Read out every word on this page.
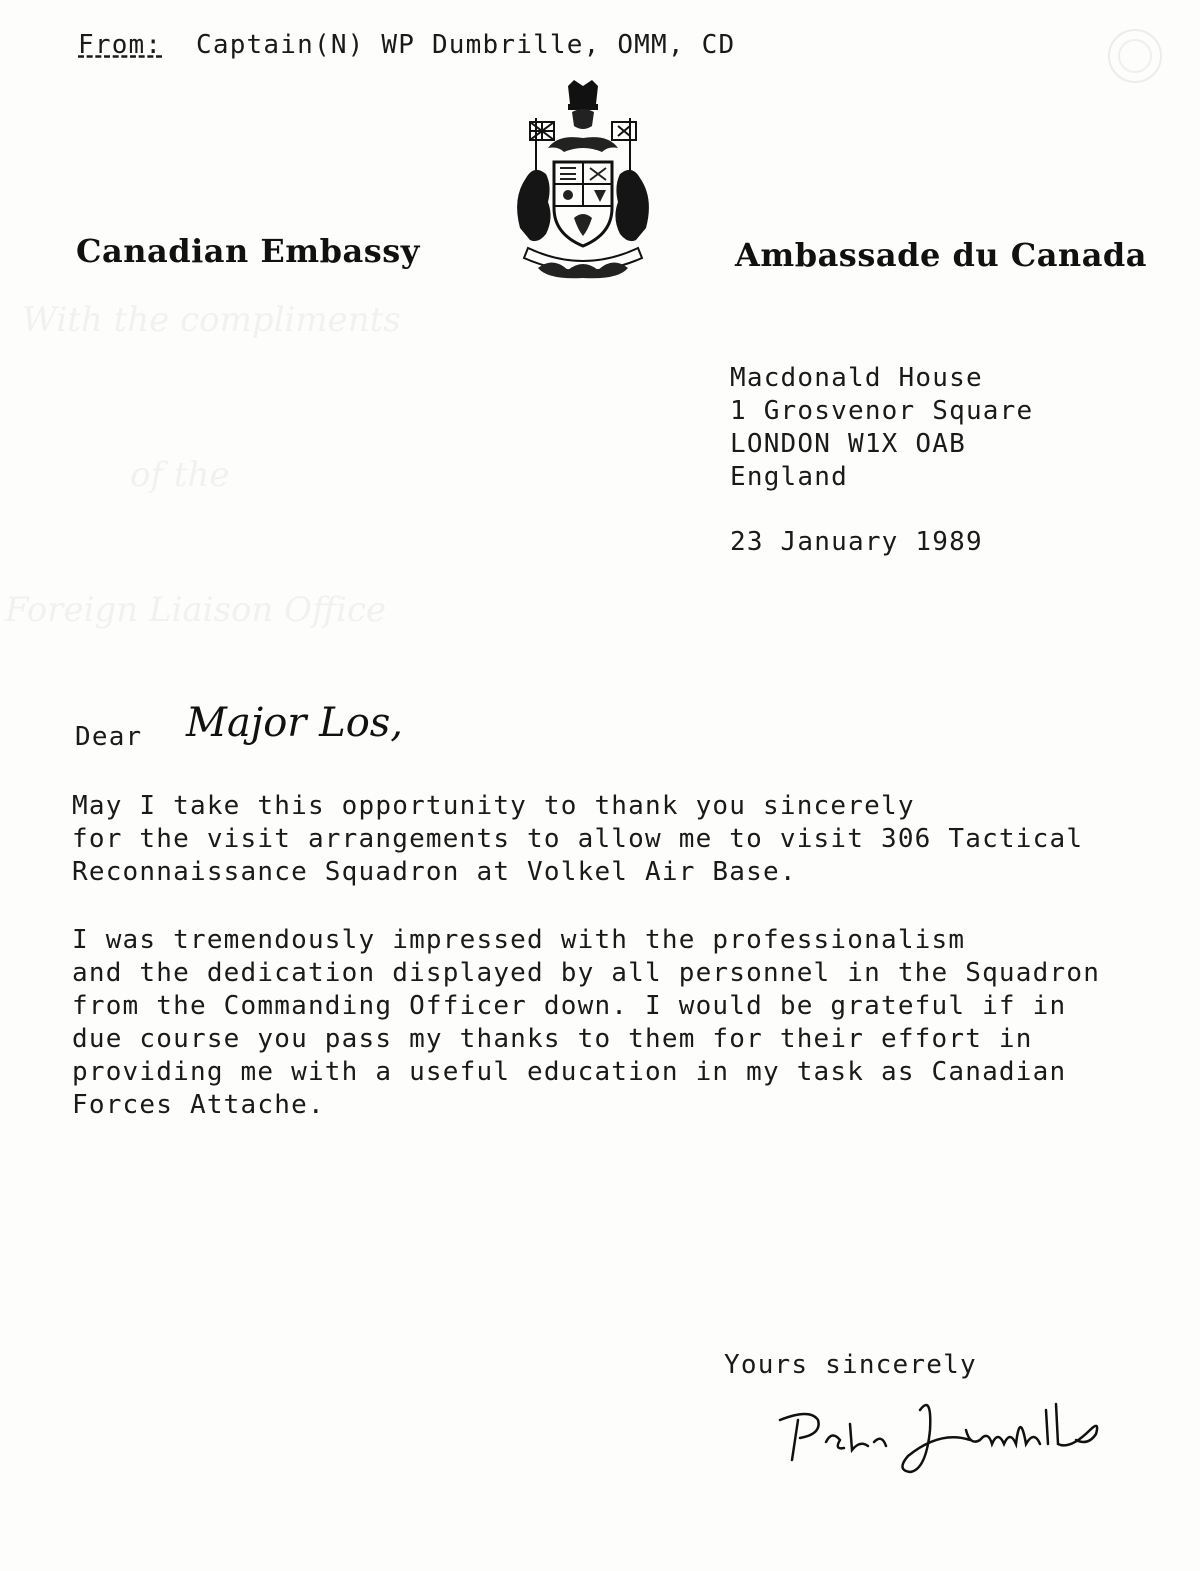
With the compliments
of the
Foreign Liaison Office
From: Captain(N) WP Dumbrille, OMM, CD
Canadian Embassy	Ambassade du Canada
Macdonald House
1 Grosvenor Square
LONDON W1X OAB
England
23 January 1989
Dear Major Los,
May I take this opportunity to thank you sincerely
for the visit arrangements to allow me to visit 306 Tactical
Reconnaissance Squadron at Volkel Air Base.
I was tremendously impressed with the professionalism
and the dedication displayed by all personnel in the Squadron
from the Commanding Officer down. I would be grateful if in
due course you pass my thanks to them for their effort in
providing me with a useful education in my task as Canadian
Forces Attache.
Yours sincerely
